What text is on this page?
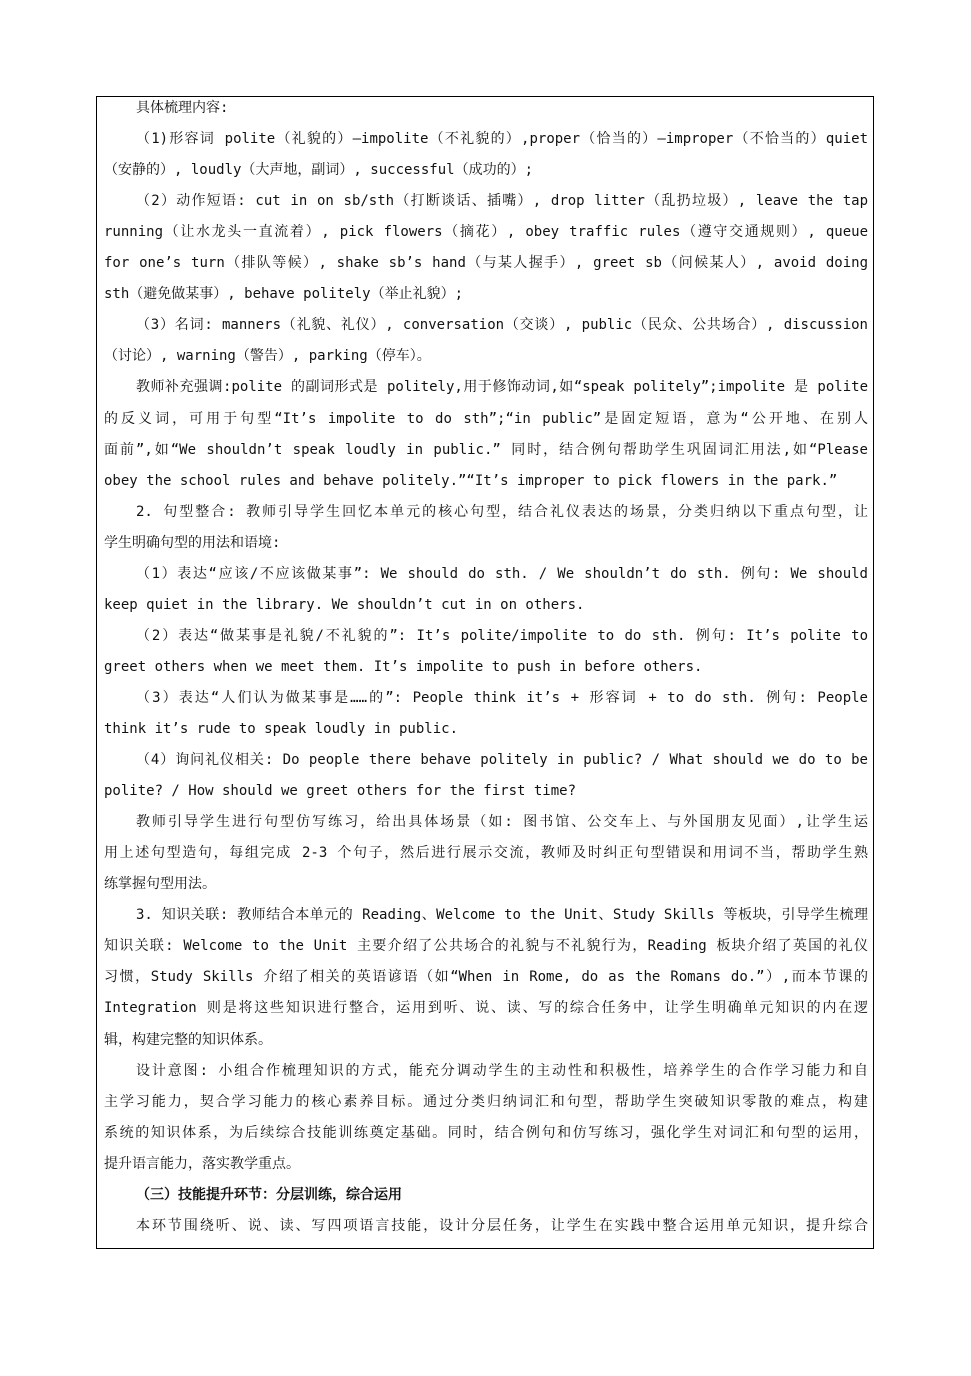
具体梳理内容:
（1)形容词 polite（礼貌的）—impolite（不礼貌的）,proper（恰当的）—improper（不恰当的）quiet
（安静的）, loudly（大声地，副词）, successful（成功的）;
（2）动作短语: cut in on sb/sth（打断谈话、插嘴）, drop litter（乱扔垃圾）, leave the tap
running（让水龙头一直流着）, pick flowers（摘花）, obey traffic rules（遵守交通规则）, queue
for one’s turn（排队等候）, shake sb’s hand（与某人握手）, greet sb（问候某人）, avoid doing
sth（避免做某事）, behave politely（举止礼貌）;
（3）名词: manners（礼貌、礼仪）, conversation（交谈）, public（民众、公共场合）, discussion
（讨论）, warning（警告）, parking（停车）。
教师补充强调:polite 的副词形式是 politely,用于修饰动词,如“speak politely”;impolite 是 polite
的反义词，可用于句型“It’s impolite to do sth”;“in public”是固定短语，意为“公开地、在别人
面前”,如“We shouldn’t speak loudly in public.” 同时，结合例句帮助学生巩固词汇用法,如“Please
obey the school rules and behave politely.”“It’s improper to pick flowers in the park.”
2. 句型整合: 教师引导学生回忆本单元的核心句型，结合礼仪表达的场景，分类归纳以下重点句型，让
学生明确句型的用法和语境:
（1）表达“应该/不应该做某事”: We should do sth. / We shouldn’t do sth. 例句: We should
keep quiet in the library. We shouldn’t cut in on others.
（2）表达“做某事是礼貌/不礼貌的”: It’s polite/impolite to do sth. 例句: It’s polite to
greet others when we meet them. It’s impolite to push in before others.
（3）表达“人们认为做某事是……的”: People think it’s + 形容词 + to do sth. 例句: People
think it’s rude to speak loudly in public.
（4）询问礼仪相关: Do people there behave politely in public? / What should we do to be
polite? / How should we greet others for the first time?
教师引导学生进行句型仿写练习，给出具体场景（如: 图书馆、公交车上、与外国朋友见面）,让学生运
用上述句型造句，每组完成 2-3 个句子，然后进行展示交流，教师及时纠正句型错误和用词不当，帮助学生熟
练掌握句型用法。
3. 知识关联: 教师结合本单元的 Reading、Welcome to the Unit、Study Skills 等板块，引导学生梳理
知识关联: Welcome to the Unit 主要介绍了公共场合的礼貌与不礼貌行为，Reading 板块介绍了英国的礼仪
习惯，Study Skills 介绍了相关的英语谚语（如“When in Rome, do as the Romans do.”）,而本节课的
Integration 则是将这些知识进行整合，运用到听、说、读、写的综合任务中，让学生明确单元知识的内在逻
辑，构建完整的知识体系。
设计意图: 小组合作梳理知识的方式，能充分调动学生的主动性和积极性，培养学生的合作学习能力和自
主学习能力，契合学习能力的核心素养目标。通过分类归纳词汇和句型，帮助学生突破知识零散的难点，构建
系统的知识体系，为后续综合技能训练奠定基础。同时，结合例句和仿写练习，强化学生对词汇和句型的运用，
提升语言能力，落实教学重点。
（三）技能提升环节：分层训练，综合运用
本环节围绕听、说、读、写四项语言技能，设计分层任务，让学生在实践中整合运用单元知识，提升综合
